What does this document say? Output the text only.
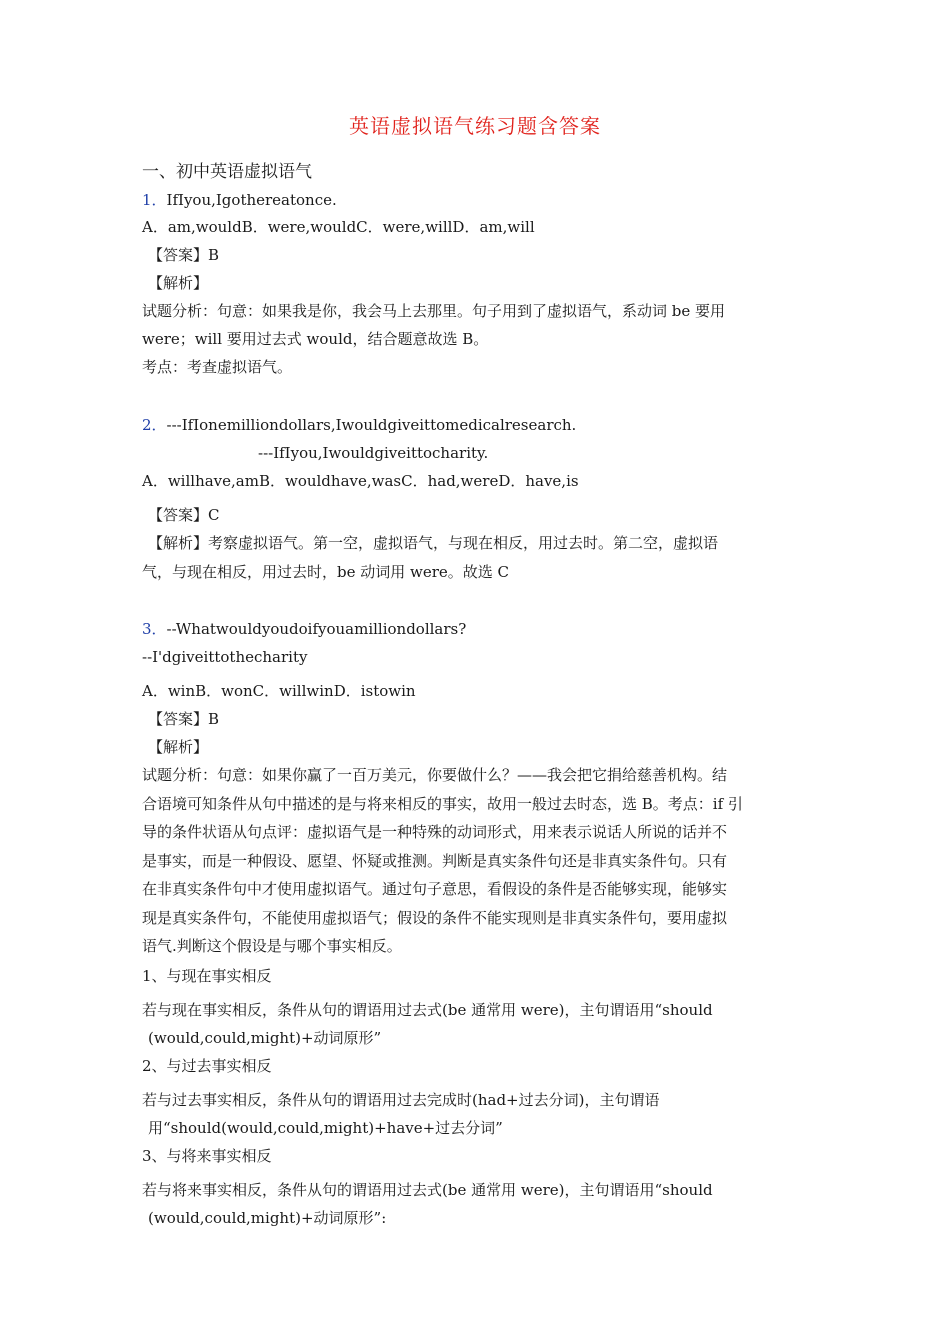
英语虚拟语气练习题含答案
一、初中英语虚拟语气
1．IfIyou,Igothereatonce.
A．am,wouldB．were,wouldC．were,willD．am,will
【答案】B
【解析】
试题分析：句意：如果我是你，我会马上去那里。句子用到了虚拟语气，系动词 be 要用
were；will 要用过去式 would，结合题意故选 B。
考点：考查虚拟语气。
2．---IfIonemilliondollars,Iwouldgiveittomedicalresearch.
---IfIyou,Iwouldgiveittocharity.
A．willhave,amB．wouldhave,wasC．had,wereD．have,is
【答案】C
【解析】考察虚拟语气。第一空，虚拟语气，与现在相反，用过去时。第二空，虚拟语
气，与现在相反，用过去时，be 动词用 were。故选 C
3．--Whatwouldyoudoifyouamilliondollars?
--I'dgiveittothecharity
A．winB．wonC．willwinD．istowin
【答案】B
【解析】
试题分析：句意：如果你赢了一百万美元，你要做什么？——我会把它捐给慈善机构。结
合语境可知条件从句中描述的是与将来相反的事实，故用一般过去时态，选 B。考点：if 引
导的条件状语从句点评：虚拟语气是一种特殊的动词形式，用来表示说话人所说的话并不
是事实，而是一种假设、愿望、怀疑或推测。判断是真实条件句还是非真实条件句。只有
在非真实条件句中才使用虚拟语气。通过句子意思，看假设的条件是否能够实现，能够实
现是真实条件句，不能使用虚拟语气；假设的条件不能实现则是非真实条件句，要用虚拟
语气.判断这个假设是与哪个事实相反。
1、与现在事实相反
若与现在事实相反，条件从句的谓语用过去式(be 通常用 were)，主句谓语用“should
(would,could,might)+动词原形”
2、与过去事实相反
若与过去事实相反，条件从句的谓语用过去完成时(had+过去分词)，主句谓语
用“should(would,could,might)+have+过去分词”
3、与将来事实相反
若与将来事实相反，条件从句的谓语用过去式(be 通常用 were)，主句谓语用“should
(would,could,might)+动词原形”:
